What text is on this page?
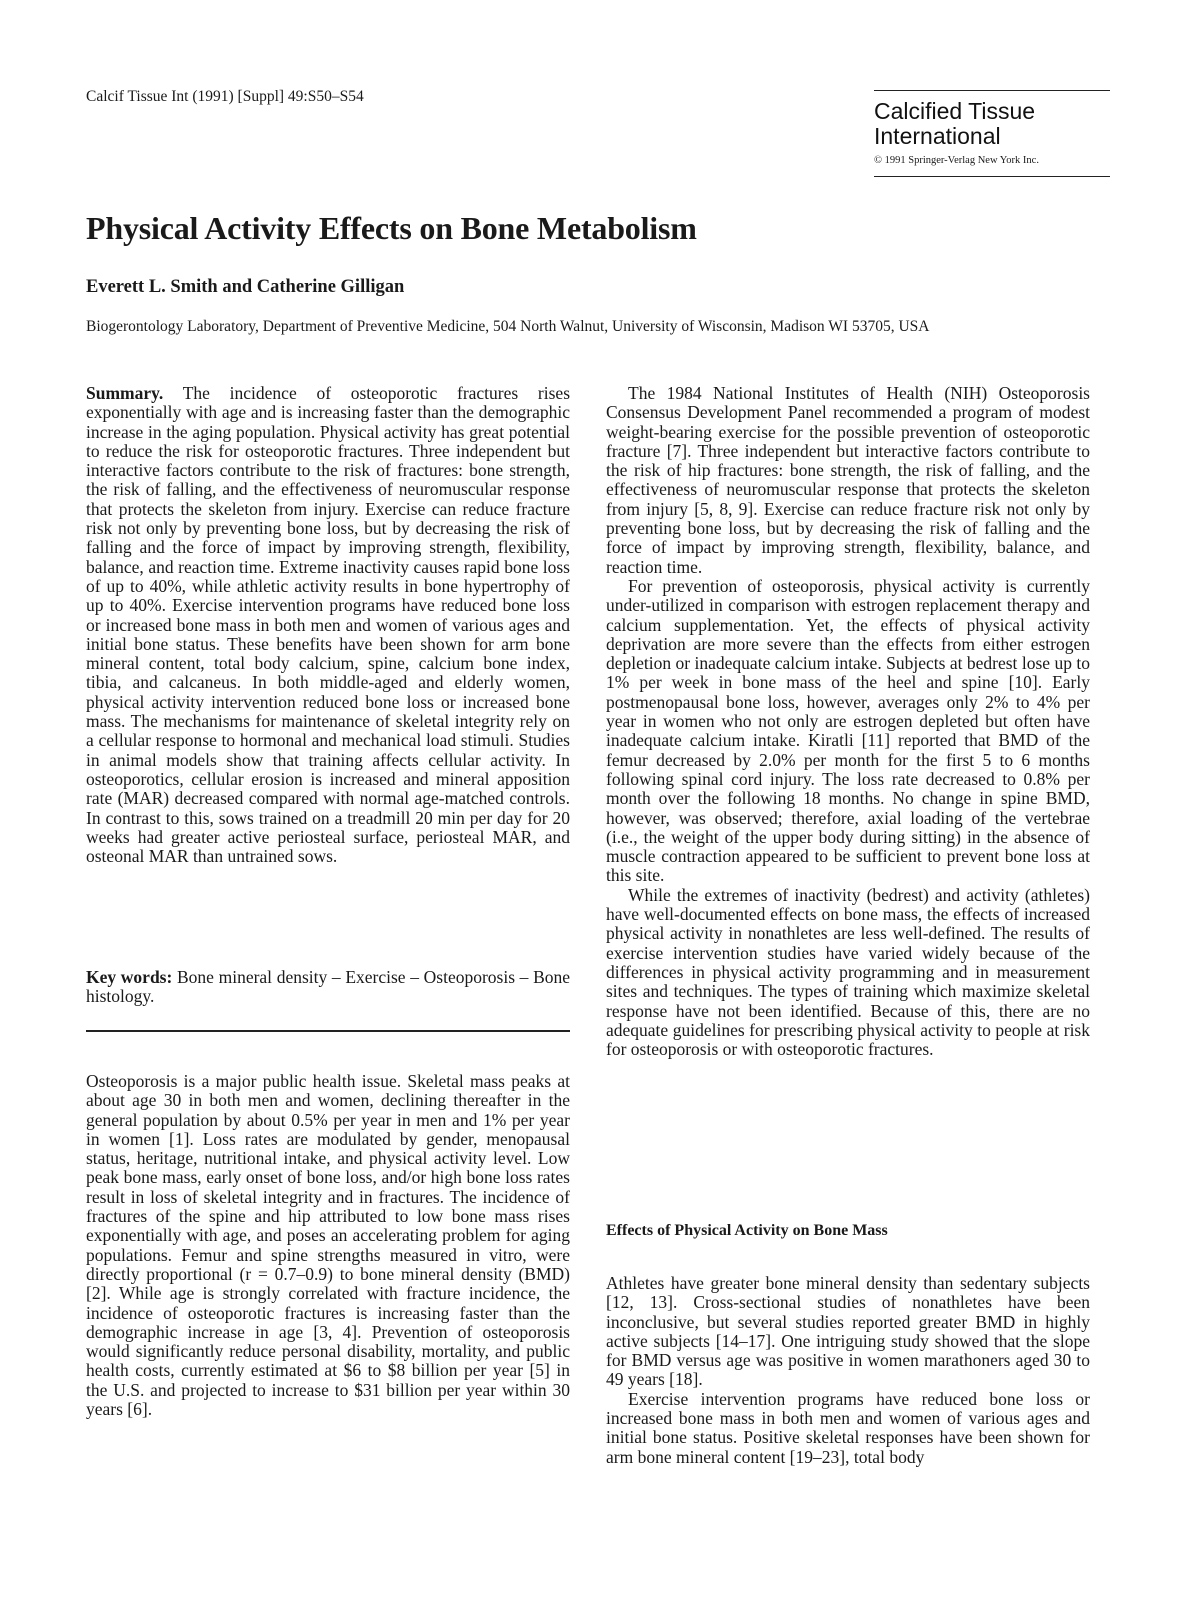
Calcif Tissue Int (1991) [Suppl] 49:S50–S54
Calcified Tissue
International
© 1991 Springer-Verlag New York Inc.
Physical Activity Effects on Bone Metabolism
Everett L. Smith and Catherine Gilligan
Biogerontology Laboratory, Department of Preventive Medicine, 504 North Walnut, University of Wisconsin, Madison WI 53705, USA

Summary. The incidence of osteoporotic fractures rises exponentially with age and is increasing faster than the demographic increase in the aging population. Physical activity has great potential to reduce the risk for osteoporotic fractures. Three independent but interactive factors contribute to the risk of fractures: bone strength, the risk of falling, and the effectiveness of neuromuscular response that protects the skeleton from injury. Exercise can reduce fracture risk not only by preventing bone loss, but by decreasing the risk of falling and the force of impact by improving strength, flexibility, balance, and reaction time. Extreme inactivity causes rapid bone loss of up to 40%, while athletic activity results in bone hypertrophy of up to 40%. Exercise intervention programs have reduced bone loss or increased bone mass in both men and women of various ages and initial bone status. These benefits have been shown for arm bone mineral content, total body calcium, spine, calcium bone index, tibia, and calcaneus. In both middle-aged and elderly women, physical activity intervention reduced bone loss or increased bone mass. The mechanisms for maintenance of skeletal integrity rely on a cellular response to hormonal and mechanical load stimuli. Studies in animal models show that training affects cellular activity. In osteoporotics, cellular erosion is increased and mineral apposition rate (MAR) decreased compared with normal age-matched controls. In contrast to this, sows trained on a treadmill 20 min per day for 20 weeks had greater active periosteal surface, periosteal MAR, and osteonal MAR than untrained sows.

Key words: Bone mineral density – Exercise – Osteoporosis – Bone histology.

Osteoporosis is a major public health issue. Skeletal mass peaks at about age 30 in both men and women, declining thereafter in the general population by about 0.5% per year in men and 1% per year in women [1]. Loss rates are modulated by gender, menopausal status, heritage, nutritional intake, and physical activity level. Low peak bone mass, early onset of bone loss, and/or high bone loss rates result in loss of skeletal integrity and in fractures. The incidence of fractures of the spine and hip attributed to low bone mass rises exponentially with age, and poses an accelerating problem for aging populations. Femur and spine strengths measured in vitro, were directly proportional (r = 0.7–0.9) to bone mineral density (BMD) [2]. While age is strongly correlated with fracture incidence, the incidence of osteoporotic fractures is increasing faster than the demographic increase in age [3, 4]. Prevention of osteoporosis would significantly reduce personal disability, mortality, and public health costs, currently estimated at $6 to $8 billion per year [5] in the U.S. and projected to increase to $31 billion per year within 30 years [6].

The 1984 National Institutes of Health (NIH) Osteoporosis Consensus Development Panel recommended a program of modest weight-bearing exercise for the possible prevention of osteoporotic fracture [7]. Three independent but interactive factors contribute to the risk of hip fractures: bone strength, the risk of falling, and the effectiveness of neuromuscular response that protects the skeleton from injury [5, 8, 9]. Exercise can reduce fracture risk not only by preventing bone loss, but by decreasing the risk of falling and the force of impact by improving strength, flexibility, balance, and reaction time.

For prevention of osteoporosis, physical activity is currently under-utilized in comparison with estrogen replacement therapy and calcium supplementation. Yet, the effects of physical activity deprivation are more severe than the effects from either estrogen depletion or inadequate calcium intake. Subjects at bedrest lose up to 1% per week in bone mass of the heel and spine [10]. Early postmenopausal bone loss, however, averages only 2% to 4% per year in women who not only are estrogen depleted but often have inadequate calcium intake. Kiratli [11] reported that BMD of the femur decreased by 2.0% per month for the first 5 to 6 months following spinal cord injury. The loss rate decreased to 0.8% per month over the following 18 months. No change in spine BMD, however, was observed; therefore, axial loading of the vertebrae (i.e., the weight of the upper body during sitting) in the absence of muscle contraction appeared to be sufficient to prevent bone loss at this site.

While the extremes of inactivity (bedrest) and activity (athletes) have well-documented effects on bone mass, the effects of increased physical activity in nonathletes are less well-defined. The results of exercise intervention studies have varied widely because of the differences in physical activity programming and in measurement sites and techniques. The types of training which maximize skeletal response have not been identified. Because of this, there are no adequate guidelines for prescribing physical activity to people at risk for osteoporosis or with osteoporotic fractures.

Effects of Physical Activity on Bone Mass

Athletes have greater bone mineral density than sedentary subjects [12, 13]. Cross-sectional studies of nonathletes have been inconclusive, but several studies reported greater BMD in highly active subjects [14–17]. One intriguing study showed that the slope for BMD versus age was positive in women marathoners aged 30 to 49 years [18].

Exercise intervention programs have reduced bone loss or increased bone mass in both men and women of various ages and initial bone status. Positive skeletal responses have been shown for arm bone mineral content [19–23], total body
